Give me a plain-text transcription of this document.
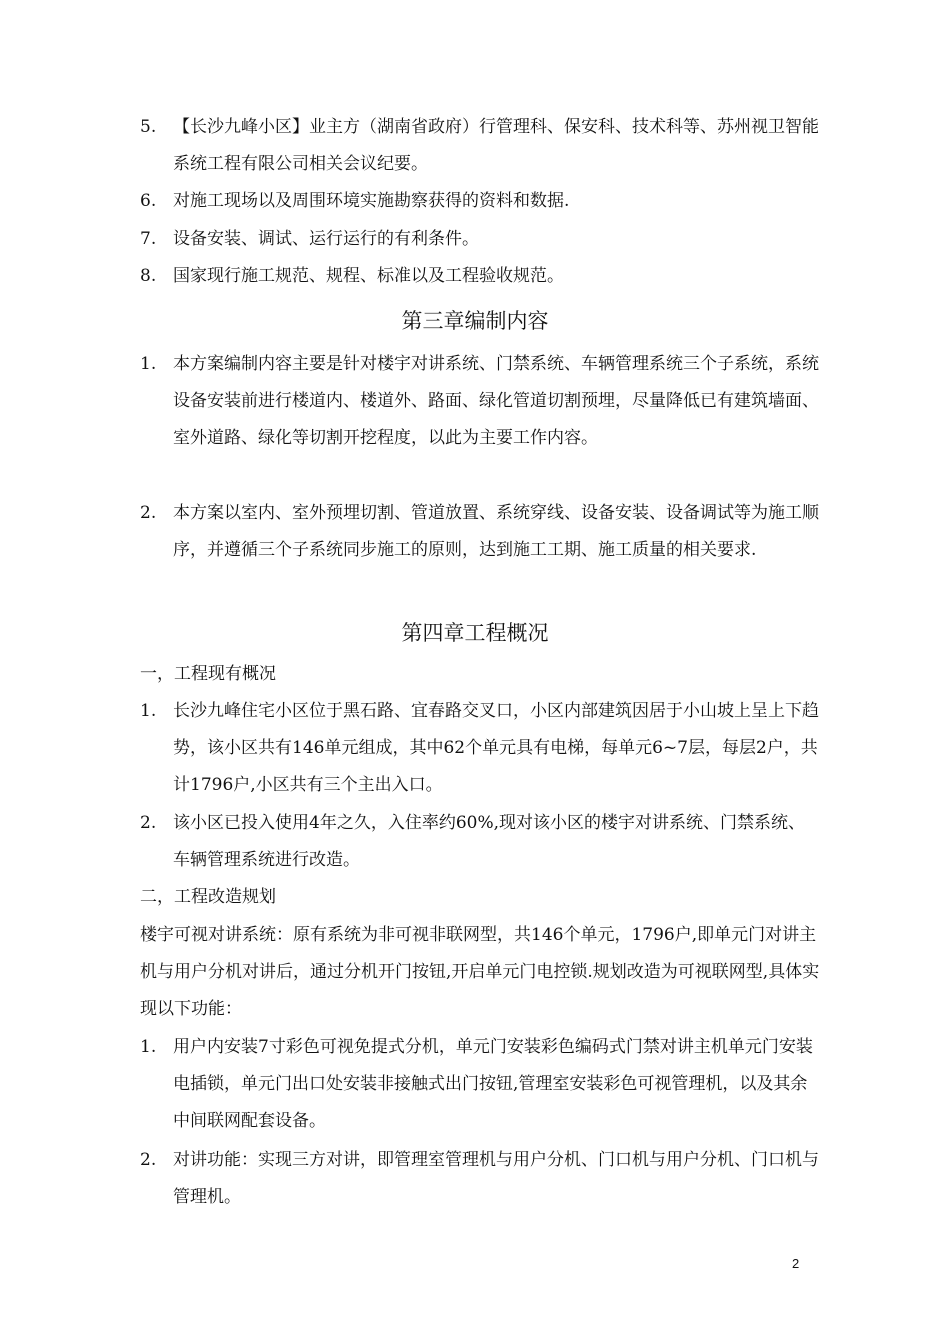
5. 【长沙九峰小区】业主方（湖南省政府）行管理科、保安科、技术科等、苏州视卫智能系统工程有限公司相关会议纪要。
6. 对施工现场以及周围环境实施勘察获得的资料和数据.
7. 设备安装、调试、运行运行的有利条件。
8. 国家现行施工规范、规程、标准以及工程验收规范。
第三章编制内容
1. 本方案编制内容主要是针对楼宇对讲系统、门禁系统、车辆管理系统三个子系统，系统设备安装前进行楼道内、楼道外、路面、绿化管道切割预埋，尽量降低已有建筑墙面、室外道路、绿化等切割开挖程度，以此为主要工作内容。
2. 本方案以室内、室外预埋切割、管道放置、系统穿线、设备安装、设备调试等为施工顺序，并遵循三个子系统同步施工的原则，达到施工工期、施工质量的相关要求.
第四章工程概况
一，工程现有概况
1. 长沙九峰住宅小区位于黑石路、宜春路交叉口，小区内部建筑因居于小山坡上呈上下趋势，该小区共有146单元组成，其中62个单元具有电梯，每单元6~7层，每层2户，共计1796户,小区共有三个主出入口。
2. 该小区已投入使用4年之久，入住率约60%,现对该小区的楼宇对讲系统、门禁系统、车辆管理系统进行改造。
二，工程改造规划
楼宇可视对讲系统：原有系统为非可视非联网型，共146个单元，1796户,即单元门对讲主机与用户分机对讲后，通过分机开门按钮,开启单元门电控锁.规划改造为可视联网型,具体实现以下功能：
1. 用户内安装7寸彩色可视免提式分机，单元门安装彩色编码式门禁对讲主机单元门安装电插锁，单元门出口处安装非接触式出门按钮,管理室安装彩色可视管理机，以及其余中间联网配套设备。
2. 对讲功能：实现三方对讲，即管理室管理机与用户分机、门口机与用户分机、门口机与管理机。
2
